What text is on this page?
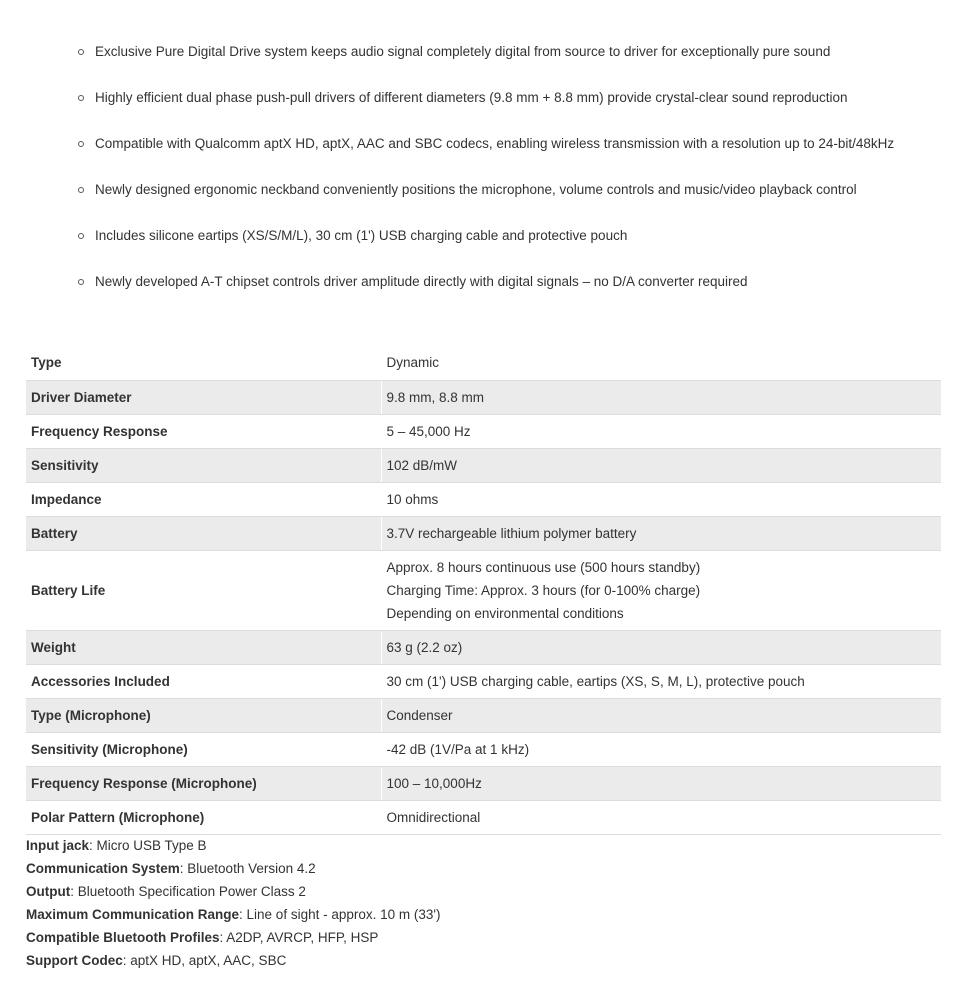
Exclusive Pure Digital Drive system keeps audio signal completely digital from source to driver for exceptionally pure sound
Highly efficient dual phase push-pull drivers of different diameters (9.8 mm + 8.8 mm) provide crystal-clear sound reproduction
Compatible with Qualcomm aptX HD, aptX, AAC and SBC codecs, enabling wireless transmission with a resolution up to 24-bit/48kHz
Newly designed ergonomic neckband conveniently positions the microphone, volume controls and music/video playback control
Includes silicone eartips (XS/S/M/L), 30 cm (1') USB charging cable and protective pouch
Newly developed A-T chipset controls driver amplitude directly with digital signals – no D/A converter required
Type	Dynamic
Driver Diameter	9.8 mm, 8.8 mm
Frequency Response	5 – 45,000 Hz
Sensitivity	102 dB/mW
Impedance	10 ohms
Battery	3.7V rechargeable lithium polymer battery
Battery Life	Approx. 8 hours continuous use (500 hours standby)
Charging Time: Approx. 3 hours (for 0-100% charge)
Depending on environmental conditions

Weight	63 g (2.2 oz)
Accessories Included	30 cm (1') USB charging cable, eartips (XS, S, M, L), protective pouch
Type (Microphone)	Condenser
Sensitivity (Microphone)	-42 dB (1V/Pa at 1 kHz)
Frequency Response (Microphone)	100 – 10,000Hz
Polar Pattern (Microphone)	Omnidirectional
Input jack: Micro USB Type B
Communication System: Bluetooth Version 4.2
Output: Bluetooth Specification Power Class 2
Maximum Communication Range: Line of sight - approx. 10 m (33')
Compatible Bluetooth Profiles: A2DP, AVRCP, HFP, HSP
Support Codec: aptX HD, aptX, AAC, SBC
